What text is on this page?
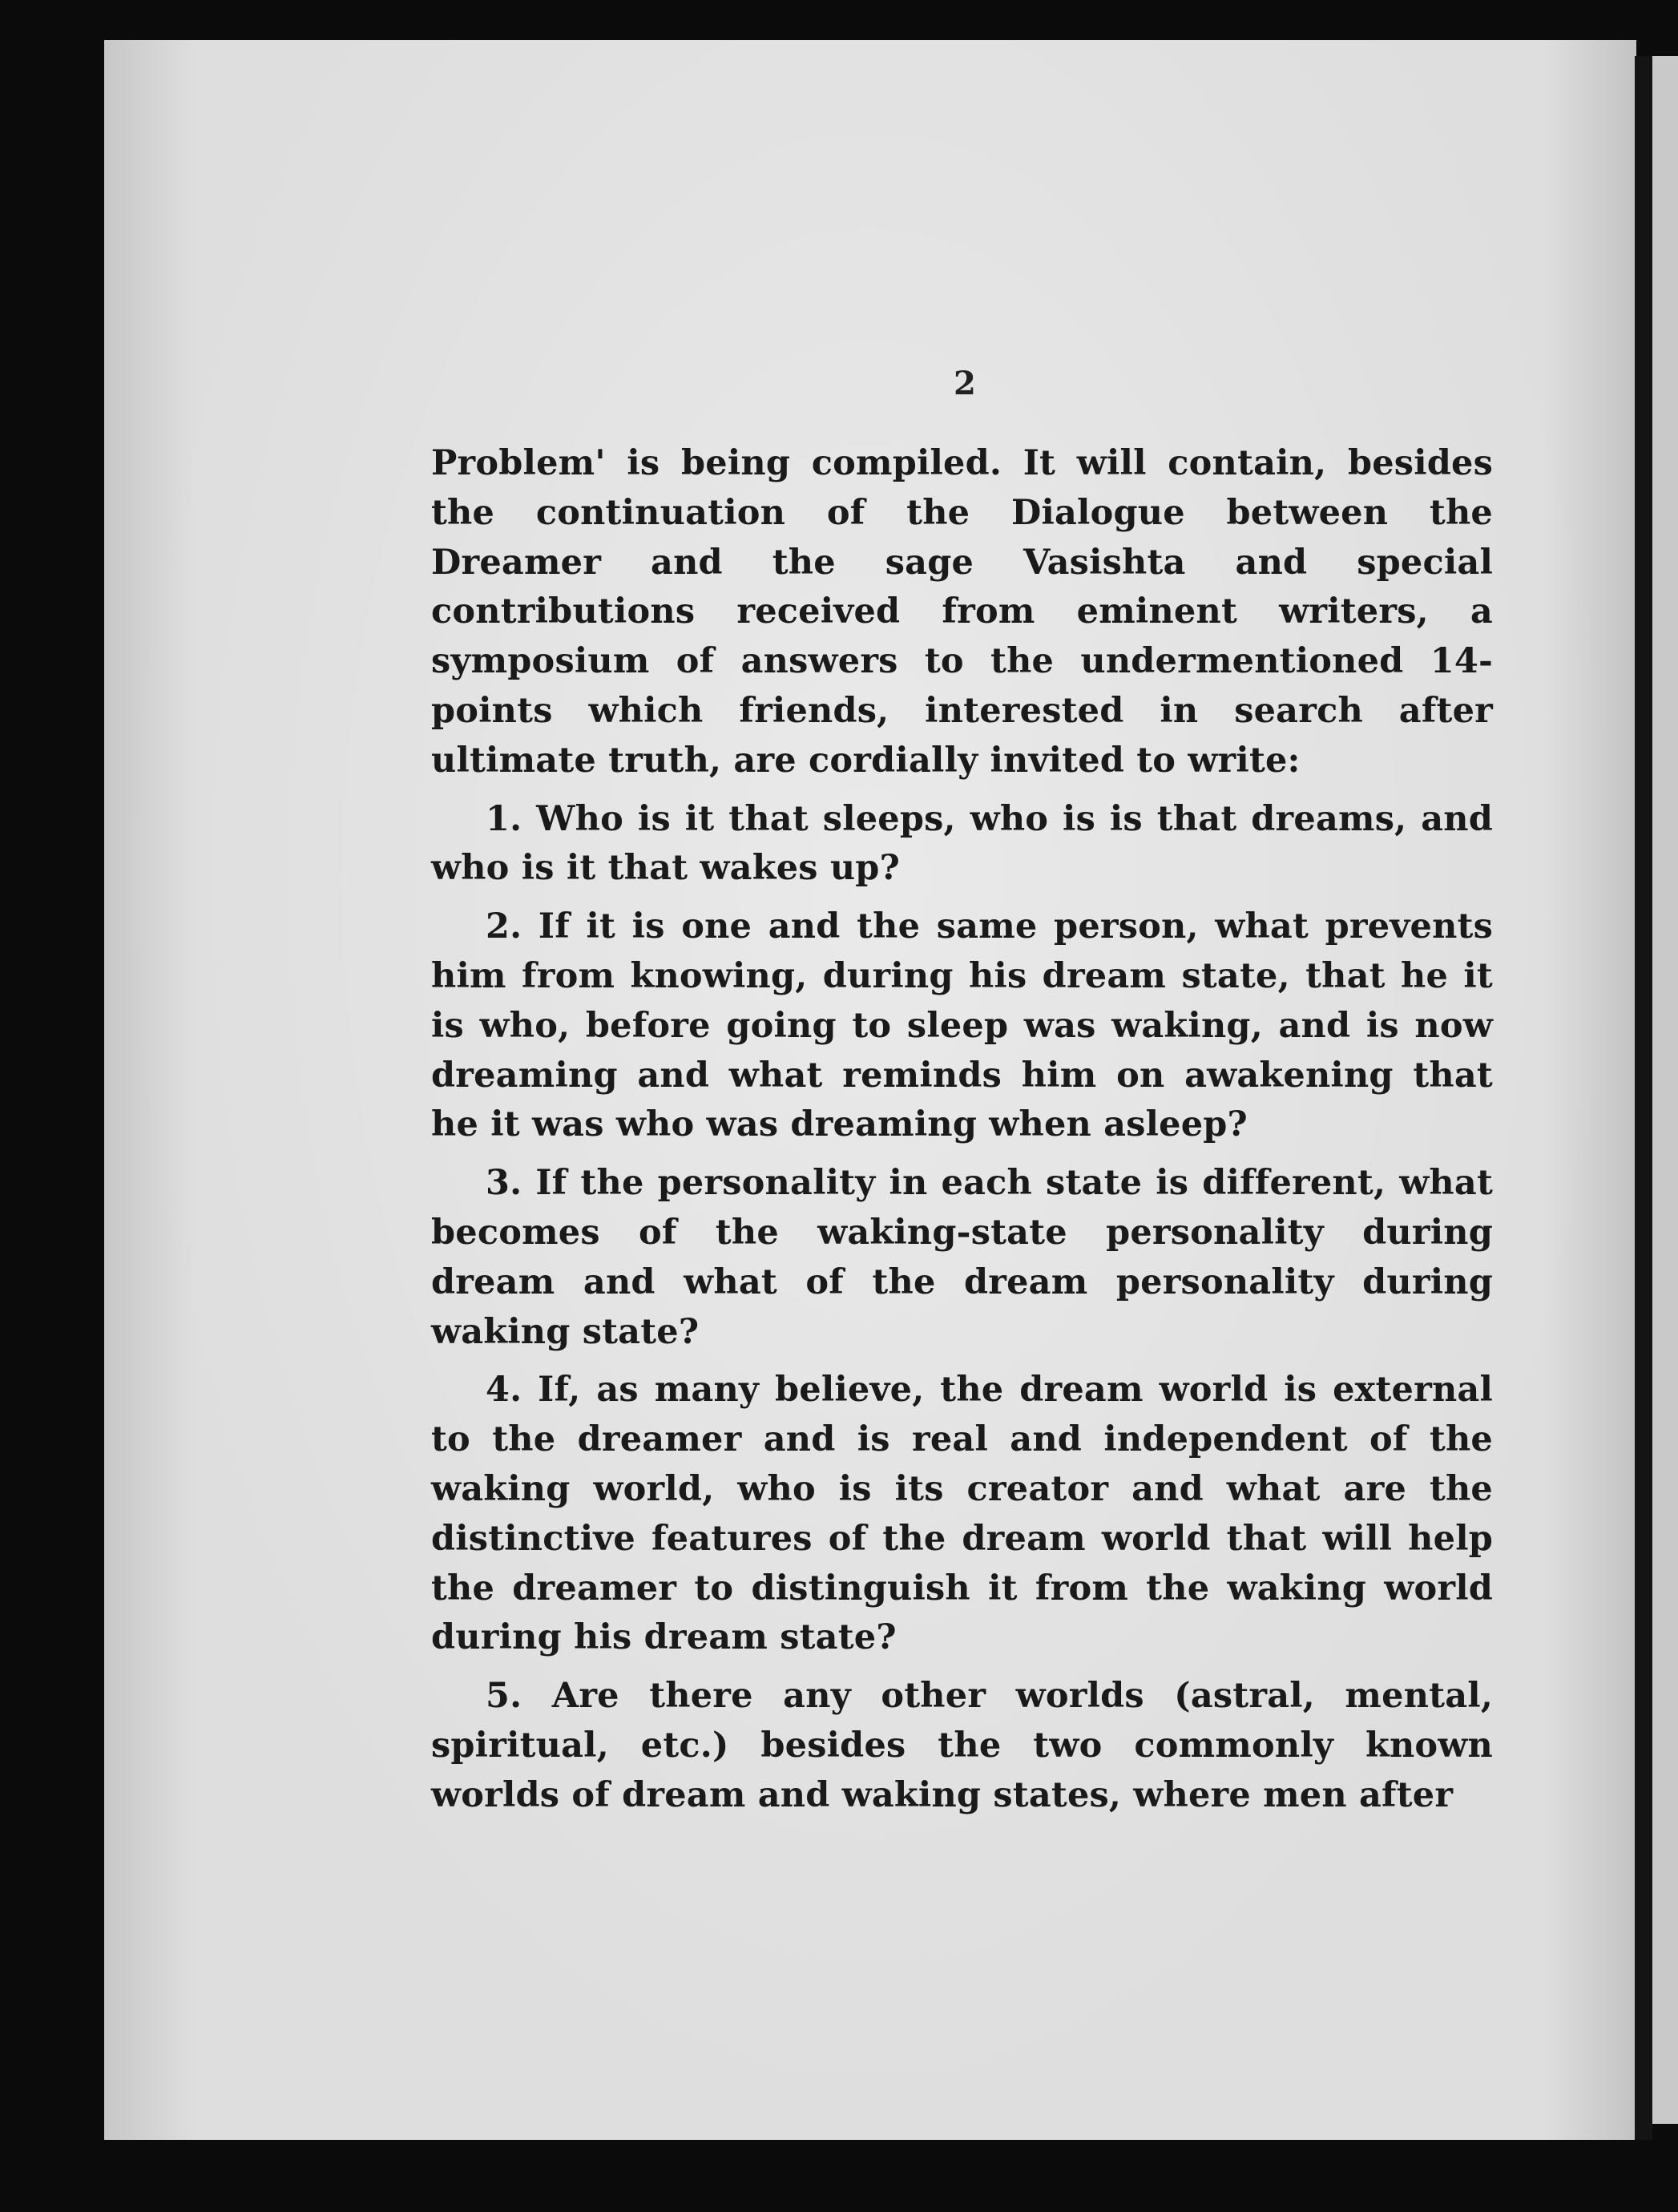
2

Problem' is being compiled. It will contain, besides the continuation of the Dialogue between the Dreamer and the sage Vasishta and special contributions received from eminent writers, a symposium of answers to the undermentioned 14-points which friends, interested in search after ultimate truth, are cordially invited to write:

1. Who is it that sleeps, who is is that dreams, and who is it that wakes up?

2. If it is one and the same person, what prevents him from knowing, during his dream state, that he it is who, before going to sleep was waking, and is now dreaming and what reminds him on awakening that he it was who was dreaming when asleep?

3. If the personality in each state is different, what becomes of the waking-state personality during dream and what of the dream personality during waking state?

4. If, as many believe, the dream world is external to the dreamer and is real and independent of the waking world, who is its creator and what are the distinctive features of the dream world that will help the dreamer to distinguish it from the waking world during his dream state?

5. Are there any other worlds (astral, mental, spiritual, etc.) besides the two commonly known worlds of dream and waking states, where men after
